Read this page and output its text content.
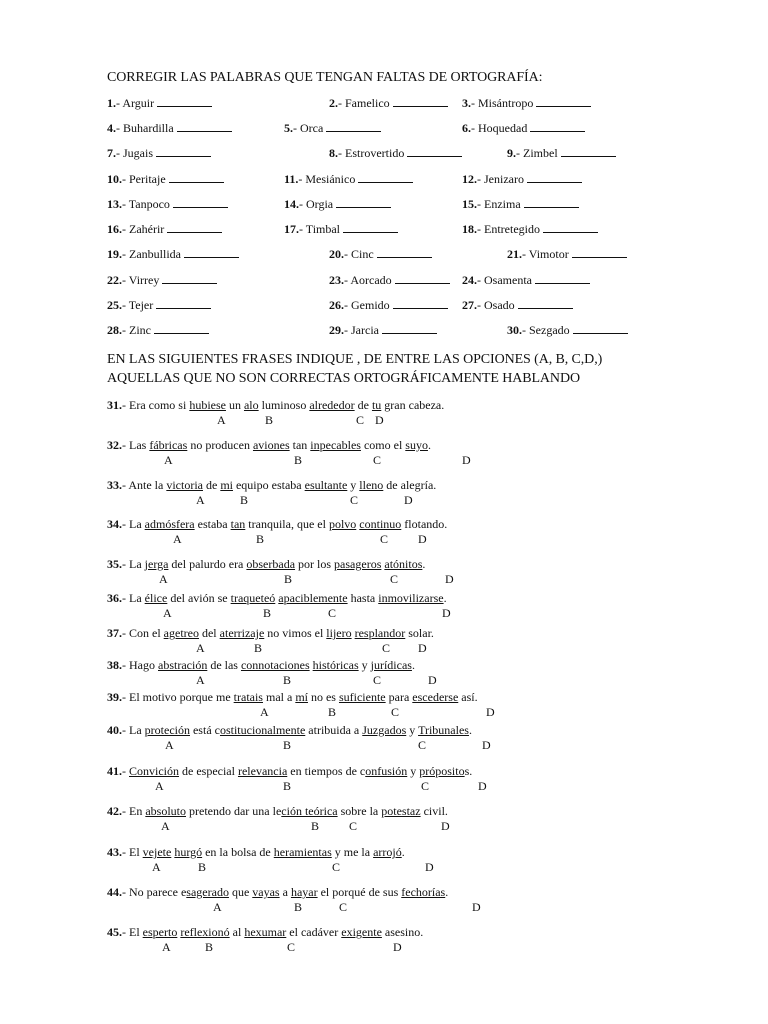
CORREGIR LAS PALABRAS QUE TENGAN FALTAS DE ORTOGRAFÍA:
1.- Arguir	2.- Famelico	3.- Misántropo
4.- Buhardilla	5.- Orca	6.- Hoquedad
7.- Jugais	8.- Estrovertido	9.- Zimbel
10.- Peritaje	11.- Mesiánico	12.- Jenizaro
13.- Tanpoco	14.- Orgia	15.- Enzima
16.- Zahérir	17.- Timbal	18.- Entretegido
19.- Zanbullida	20.- Cinc	21.- Vimotor
22.- Virrey	23.- Aorcado	24.- Osamenta
25.- Tejer	26.- Gemido	27.- Osado
28.- Zinc	29.- Jarcia	30.- Sezgado
EN LAS SIGUIENTES FRASES INDIQUE , DE ENTRE LAS OPCIONES (A, B, C,D,)
AQUELLAS QUE NO SON CORRECTAS ORTOGRÁFICAMENTE HABLANDO
31.- Era como si hubiese un alo luminoso alrededor de tu gran cabeza.
A	B	C D
32.- Las fábricas no producen aviones tan inpecables como el suyo.
A	B	C	D
33.- Ante la victoria de mi equipo estaba esultante y lleno de alegría.
A	B	C	D
34.- La admósfera estaba tan tranquila, que el polvo continuo flotando.
A	B	C D
35.- La jerga del palurdo era obserbada por los pasageros atónitos.
A	B	C	D
36.- La élice del avión se traqueteó apaciblemente hasta inmovilizarse.
A	B	C	D
37.- Con el agetreo del aterrizaje no vimos el lijero resplandor solar.
A	B	C D
38.- Hago abstración de las connotaciones históricas y jurídicas.
A	B	C	D
39.- El motivo porque me tratais mal a mí no es suficiente para escederse así.
A	B	C	D
40.- La proteción está costitucionalmente atribuida a Juzgados y Tribunales.
A	B	C	D
41.- Convición de especial relevancia en tiempos de confusión y própositos.
A	B	C	D
42.- En absoluto pretendo dar una leción teórica sobre la potestaz civil.
A	B C	D
43.- El vejete hurgó en la bolsa de heramientas y me la arrojó.
A	B	C	D
44.- No parece esagerado que vayas a hayar el porqué de sus fechorías.
A	B	C	D
45.- El esperto reflexionó al hexumar el cadáver exigente asesino.
A	B	C	D
